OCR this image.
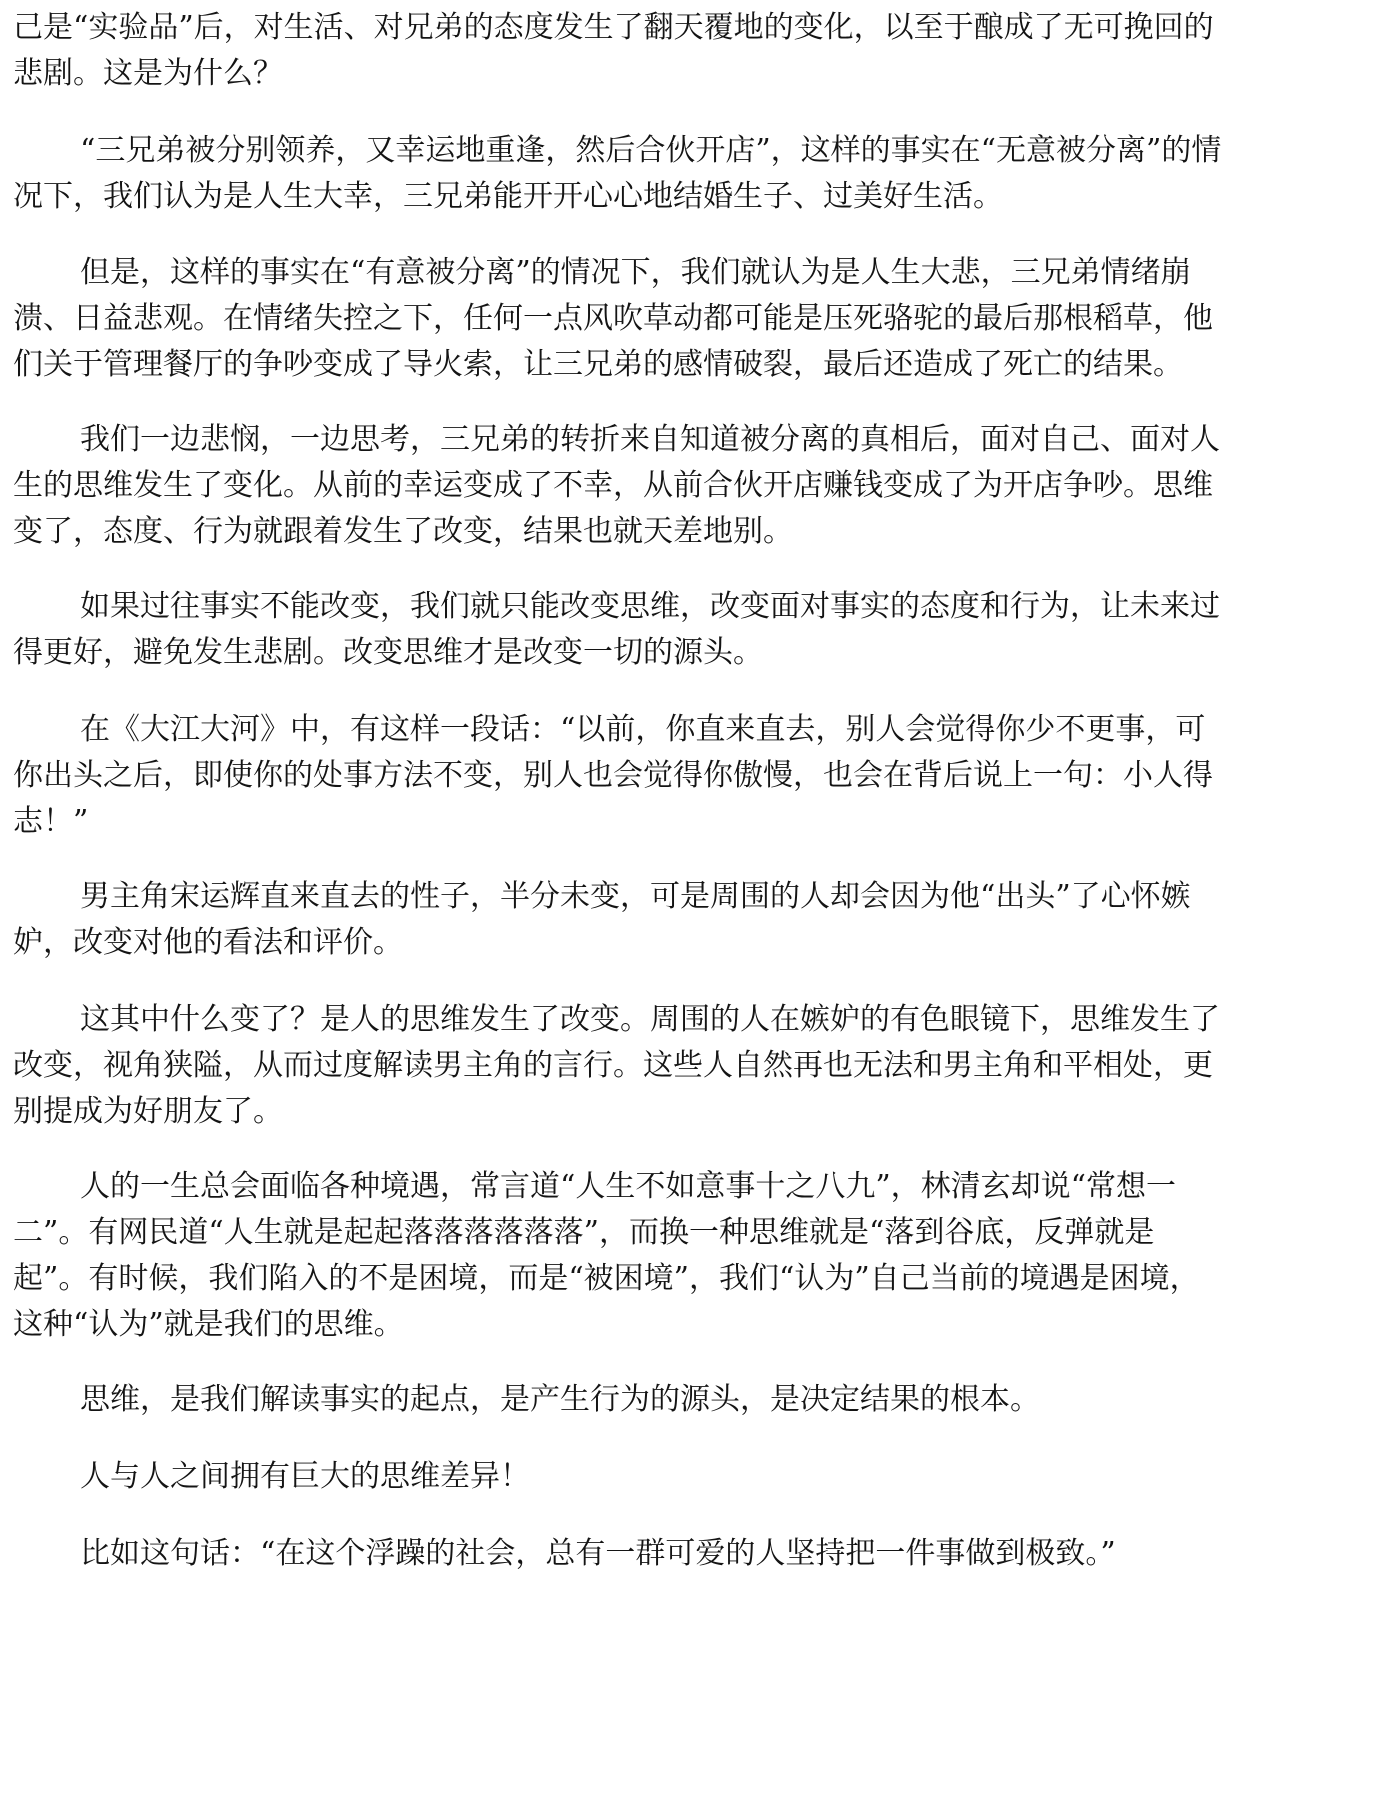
己是“实验品”后，对生活、对兄弟的态度发生了翻天覆地的变化，以至于酿成了无可挽回的
悲剧。这是为什么？
“三兄弟被分别领养，又幸运地重逢，然后合伙开店”，这样的事实在“无意被分离”的情
况下，我们认为是人生大幸，三兄弟能开开心心地结婚生子、过美好生活。
但是，这样的事实在“有意被分离”的情况下，我们就认为是人生大悲，三兄弟情绪崩
溃、日益悲观。在情绪失控之下，任何一点风吹草动都可能是压死骆驼的最后那根稻草，他
们关于管理餐厅的争吵变成了导火索，让三兄弟的感情破裂，最后还造成了死亡的结果。
我们一边悲悯，一边思考，三兄弟的转折来自知道被分离的真相后，面对自己、面对人
生的思维发生了变化。从前的幸运变成了不幸，从前合伙开店赚钱变成了为开店争吵。思维
变了，态度、行为就跟着发生了改变，结果也就天差地别。
如果过往事实不能改变，我们就只能改变思维，改变面对事实的态度和行为，让未来过
得更好，避免发生悲剧。改变思维才是改变一切的源头。
在《大江大河》中，有这样一段话：“以前，你直来直去，别人会觉得你少不更事，可
你出头之后，即使你的处事方法不变，别人也会觉得你傲慢，也会在背后说上一句：小人得
志！”
男主角宋运辉直来直去的性子，半分未变，可是周围的人却会因为他“出头”了心怀嫉
妒，改变对他的看法和评价。
这其中什么变了？是人的思维发生了改变。周围的人在嫉妒的有色眼镜下，思维发生了
改变，视角狭隘，从而过度解读男主角的言行。这些人自然再也无法和男主角和平相处，更
别提成为好朋友了。
人的一生总会面临各种境遇，常言道“人生不如意事十之八九”，林清玄却说“常想一
二”。有网民道“人生就是起起落落落落落落”，而换一种思维就是“落到谷底，反弹就是
起”。有时候，我们陷入的不是困境，而是“被困境”，我们“认为”自己当前的境遇是困境，
这种“认为”就是我们的思维。
思维，是我们解读事实的起点，是产生行为的源头，是决定结果的根本。
人与人之间拥有巨大的思维差异！
比如这句话：“在这个浮躁的社会，总有一群可爱的人坚持把一件事做到极致。”
